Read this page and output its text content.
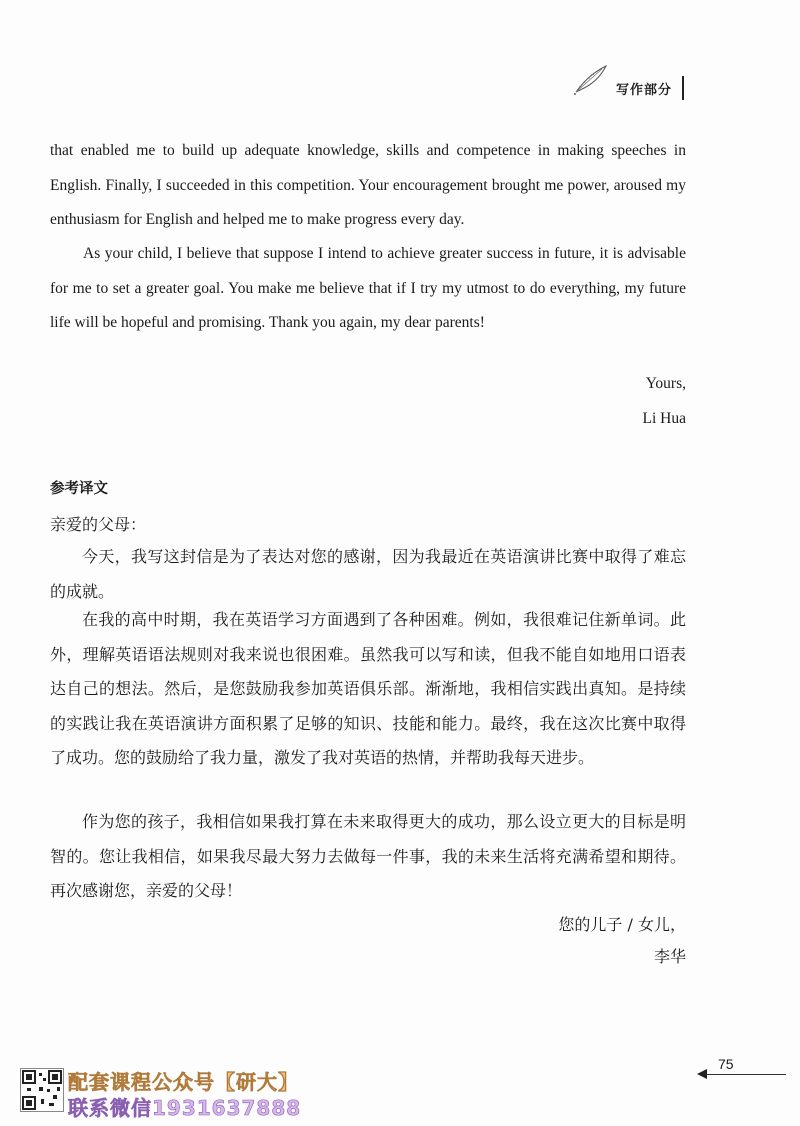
写作部分

that enabled me to build up adequate knowledge, skills and competence in making speeches in English. Finally, I succeeded in this competition. Your encouragement brought me power, aroused my enthusiasm for English and helped me to make progress every day.

As your child, I believe that suppose I intend to achieve greater success in future, it is advisable for me to set a greater goal. You make me believe that if I try my utmost to do everything, my future life will be hopeful and promising. Thank you again, my dear parents!

Yours,
Li Hua
参考译文

亲爱的父母：

今天，我写这封信是为了表达对您的感谢，因为我最近在英语演讲比赛中取得了难忘的成就。

在我的高中时期，我在英语学习方面遇到了各种困难。例如，我很难记住新单词。此外，理解英语语法规则对我来说也很困难。虽然我可以写和读，但我不能自如地用口语表达自己的想法。然后，是您鼓励我参加英语俱乐部。渐渐地，我相信实践出真知。是持续的实践让我在英语演讲方面积累了足够的知识、技能和能力。最终，我在这次比赛中取得了成功。您的鼓励给了我力量，激发了我对英语的热情，并帮助我每天进步。

作为您的孩子，我相信如果我打算在未来取得更大的成功，那么设立更大的目标是明智的。您让我相信，如果我尽最大努力去做每一件事，我的未来生活将充满希望和期待。再次感谢您，亲爱的父母！

您的儿子 / 女儿，
李华
75
配套课程公众号【研大】
联系微信1931637888
